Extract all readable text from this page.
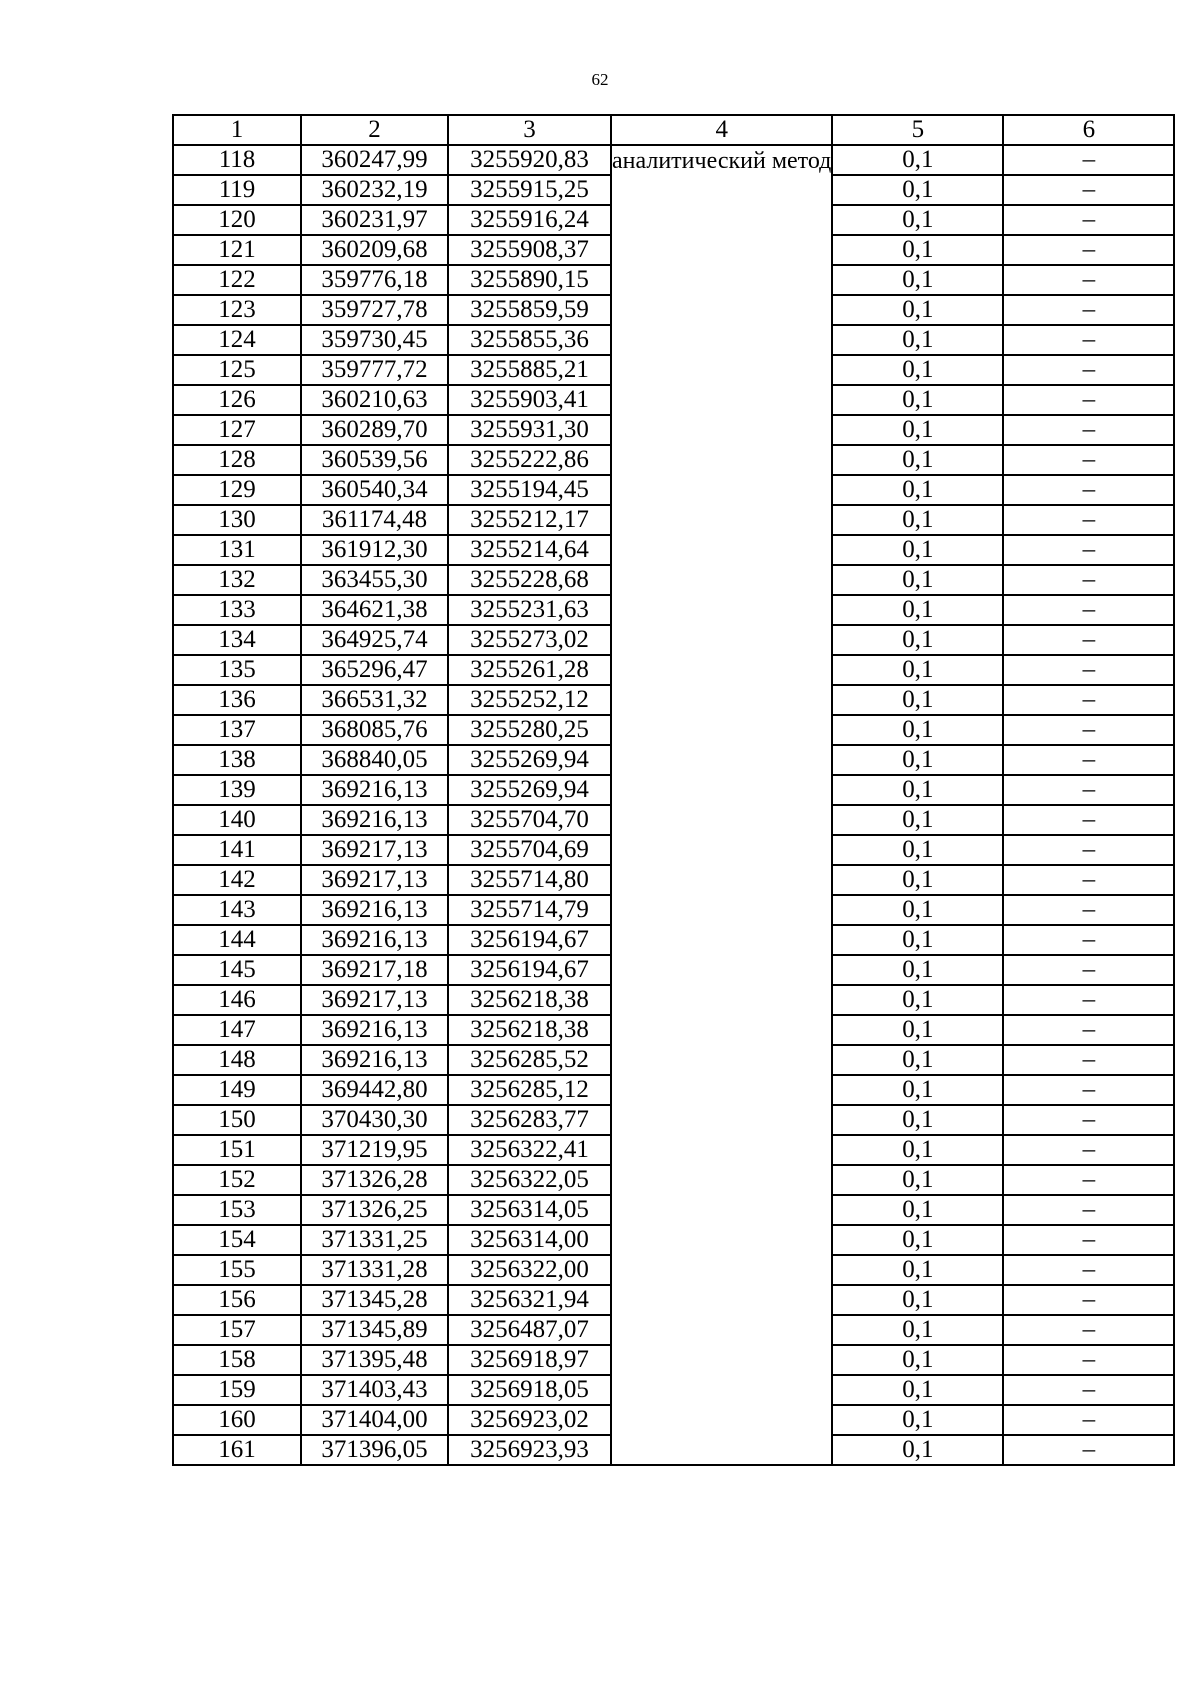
62
1	2	3	4	5	6
118	360247,99	3255920,83	аналитический метод	0,1	–
119	360232,19	3255915,25		0,1	–
120	360231,97	3255916,24		0,1	–
121	360209,68	3255908,37		0,1	–
122	359776,18	3255890,15		0,1	–
123	359727,78	3255859,59		0,1	–
124	359730,45	3255855,36		0,1	–
125	359777,72	3255885,21		0,1	–
126	360210,63	3255903,41		0,1	–
127	360289,70	3255931,30		0,1	–
128	360539,56	3255222,86		0,1	–
129	360540,34	3255194,45		0,1	–
130	361174,48	3255212,17		0,1	–
131	361912,30	3255214,64		0,1	–
132	363455,30	3255228,68		0,1	–
133	364621,38	3255231,63		0,1	–
134	364925,74	3255273,02		0,1	–
135	365296,47	3255261,28		0,1	–
136	366531,32	3255252,12		0,1	–
137	368085,76	3255280,25		0,1	–
138	368840,05	3255269,94		0,1	–
139	369216,13	3255269,94		0,1	–
140	369216,13	3255704,70		0,1	–
141	369217,13	3255704,69		0,1	–
142	369217,13	3255714,80		0,1	–
143	369216,13	3255714,79		0,1	–
144	369216,13	3256194,67		0,1	–
145	369217,18	3256194,67		0,1	–
146	369217,13	3256218,38		0,1	–
147	369216,13	3256218,38		0,1	–
148	369216,13	3256285,52		0,1	–
149	369442,80	3256285,12		0,1	–
150	370430,30	3256283,77		0,1	–
151	371219,95	3256322,41		0,1	–
152	371326,28	3256322,05		0,1	–
153	371326,25	3256314,05		0,1	–
154	371331,25	3256314,00		0,1	–
155	371331,28	3256322,00		0,1	–
156	371345,28	3256321,94		0,1	–
157	371345,89	3256487,07		0,1	–
158	371395,48	3256918,97		0,1	–
159	371403,43	3256918,05		0,1	–
160	371404,00	3256923,02		0,1	–
161	371396,05	3256923,93		0,1	–
